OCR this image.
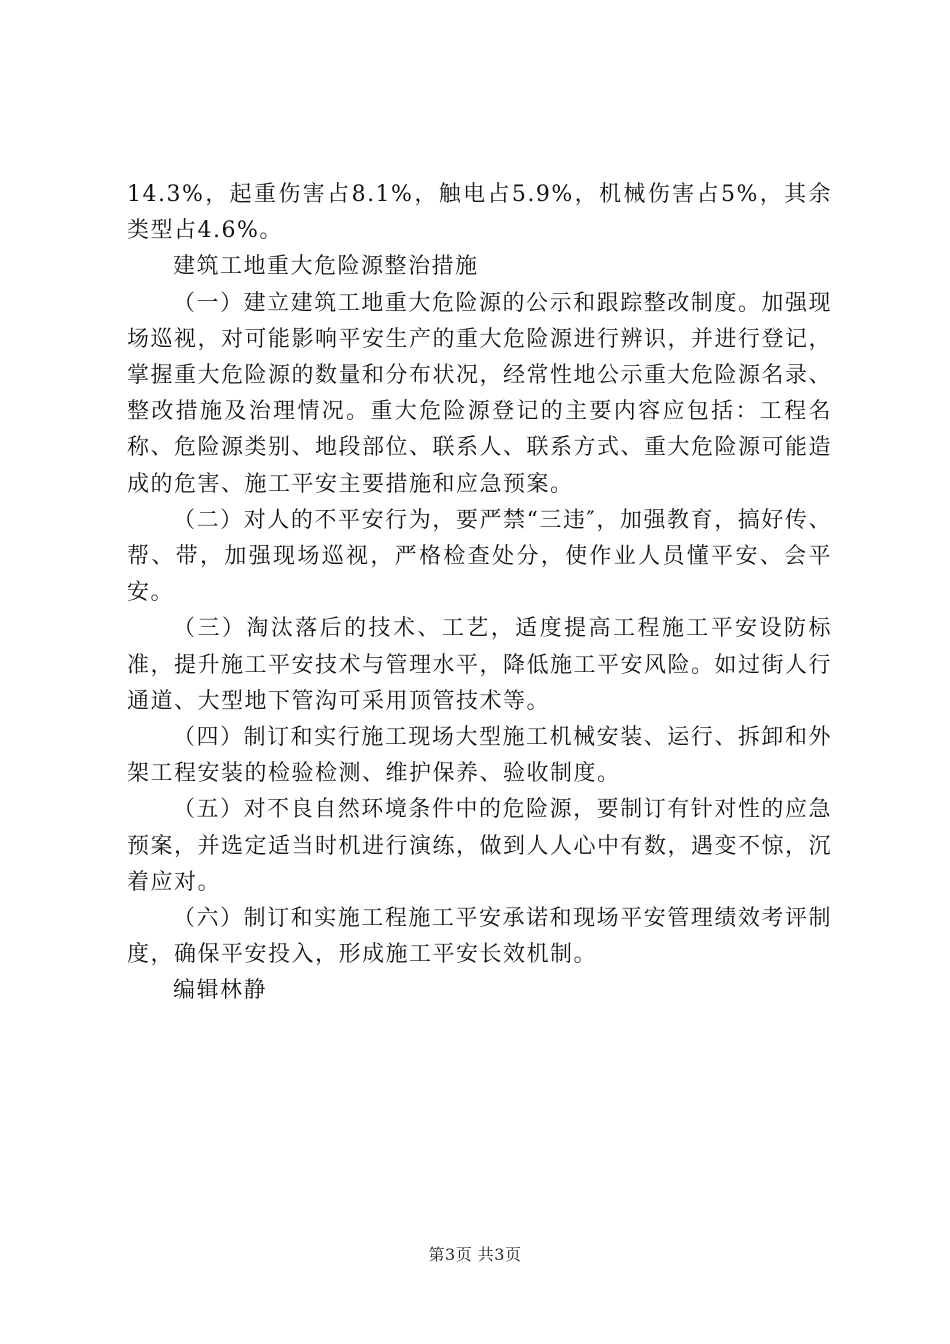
14.3%，起重伤害占8.1%，触电占5.9%，机械伤害占5%，其余类型占4.6%。

建筑工地重大危险源整治措施

（一）建立建筑工地重大危险源的公示和跟踪整改制度。加强现场巡视，对可能影响平安生产的重大危险源进行辨识，并进行登记，掌握重大危险源的数量和分布状况，经常性地公示重大危险源名录、整改措施及治理情况。重大危险源登记的主要内容应包括：工程名称、危险源类别、地段部位、联系人、联系方式、重大危险源可能造成的危害、施工平安主要措施和应急预案。

（二）对人的不平安行为，要严禁“三违″，加强教育，搞好传、帮、带，加强现场巡视，严格检查处分，使作业人员懂平安、会平安。

（三）淘汰落后的技术、工艺，适度提高工程施工平安设防标准，提升施工平安技术与管理水平，降低施工平安风险。如过街人行通道、大型地下管沟可采用顶管技术等。

（四）制订和实行施工现场大型施工机械安装、运行、拆卸和外架工程安装的检验检测、维护保养、验收制度。

（五）对不良自然环境条件中的危险源，要制订有针对性的应急预案，并选定适当时机进行演练，做到人人心中有数，遇变不惊，沉着应对。

（六）制订和实施工程施工平安承诺和现场平安管理绩效考评制度，确保平安投入，形成施工平安长效机制。

编辑林静

第3页 共3页
